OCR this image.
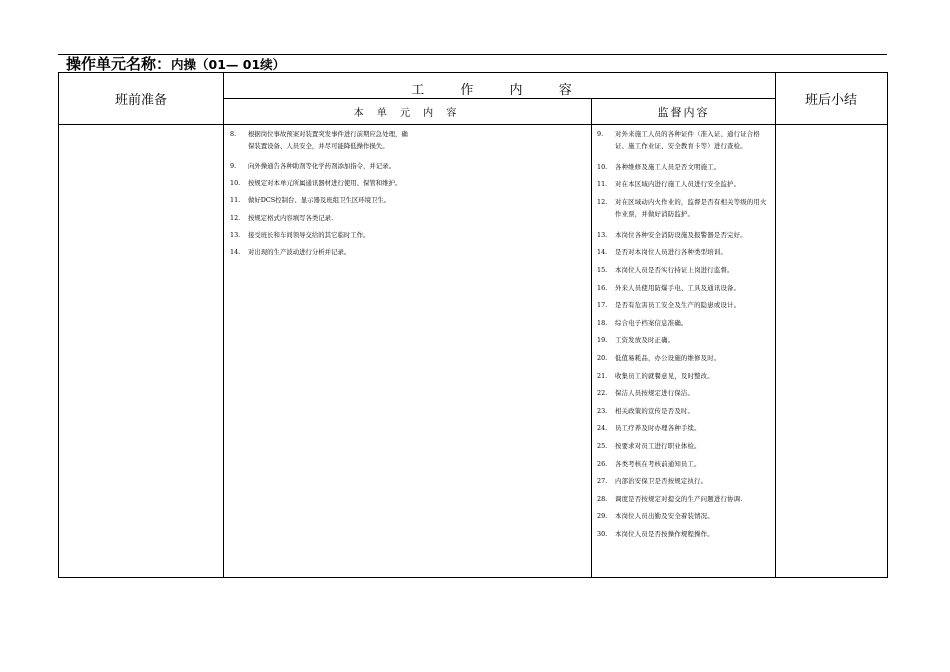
操作单元名称：内操（01— 01续）
班前准备
工 作 内 容
本 单 元 内 容	监督内容
班后小结
8.	根据岗位事故预案对装置突发事件进行前期应急处理，确保装置设备、人员安全，并尽可能降低操作损失。
9.	向外操通告各种助剂等化学药剂添加指令，并记录。
10.	按规定对本单元所属通讯器材进行使用、保管和维护。
11.	做好DCS控制台、显示器及班组卫生区环境卫生。
12.	按规定格式内容填写各类记录.
13.	接受班长和车间领导交给的其它临时工作。
14.	对出现的生产波动进行分析并记录。
9.	对外来施工人员的各种证件（准入证、通行证合格证、施工作业证、安全教育卡等）进行查检。
10.	各种维修及施工人员是否文明施工。
11.	对在本区域内进行施工人员进行安全监护。
12.	对在区域动内火作业的，监督是否有相关等级的用火作业票，并做好消防监护。
13.	本岗位各种安全消防设施及报警器是否完好。
14.	是否对本岗位人员进行各种类型培训。
15.	本岗位人员是否实行持证上岗进行监督。
16.	外来人员使用防爆手电、工具及通讯设备。
17.	是否有危害员工安全及生产的隐患或设计。
18.	综合电子档案信息准确。
19.	工资发放及时正确。
20.	低值易耗品，办公设施的维修及时。
21.	收集员工的就餐意见，及时整改。
22.	保洁人员按规定进行保洁。
23.	相关政策的宣传是否及时。
24.	员工疗养及时办理各种手续。
25.	按要求对员工进行职业体检。
26.	各类考核在考核前通知员工。
27.	内部治安保卫是否按规定执行。
28.	调度是否按规定对提交的生产问题进行协调.
29.	本岗位人员出勤及安全着装情况。
30.	本岗位人员是否按操作规程操作。
